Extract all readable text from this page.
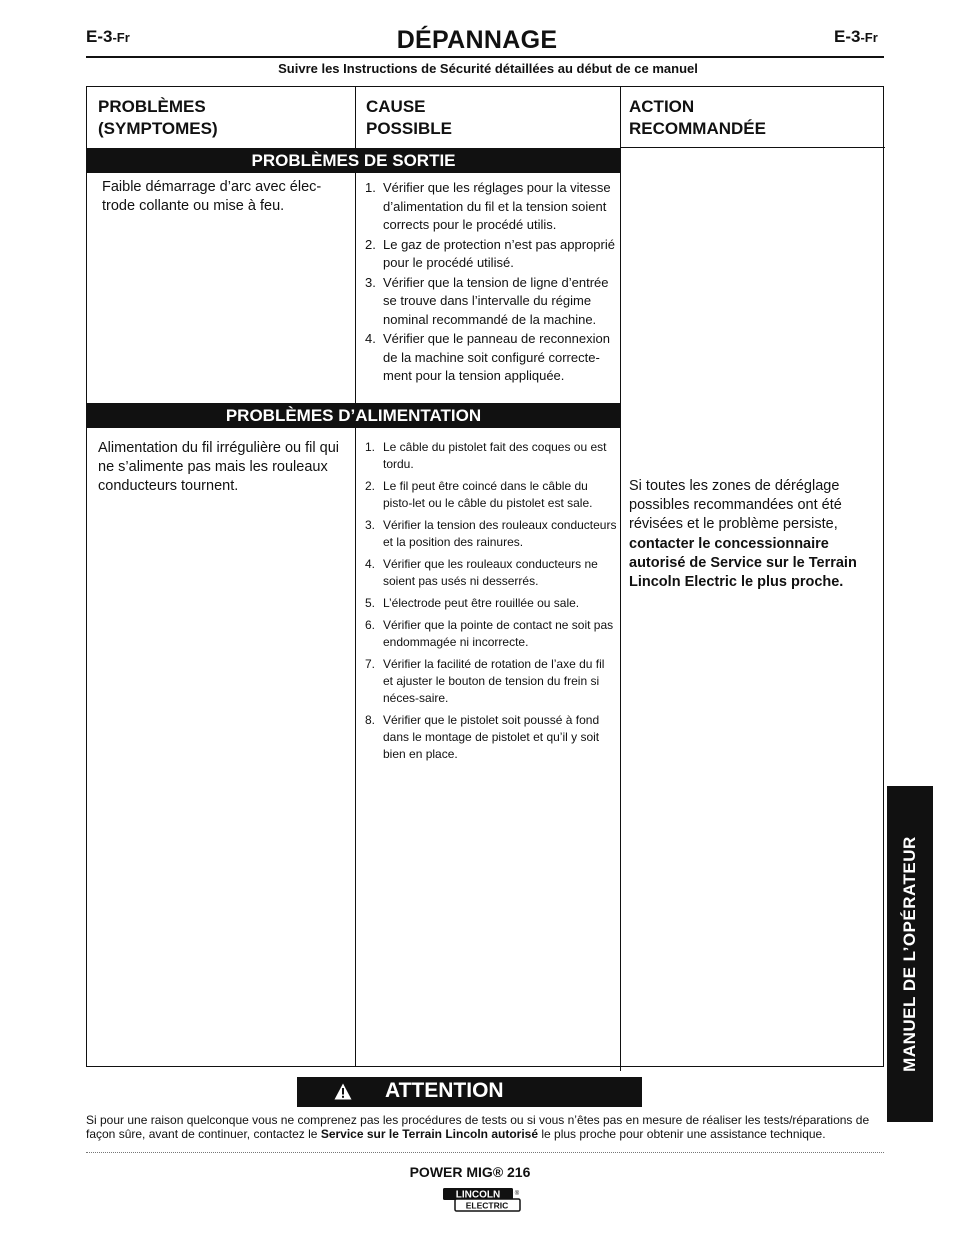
E-3-Fr	E-3-Fr
DÉPANNAGE
Suivre les Instructions de Sécurité détaillées au début de ce manuel
PROBLÈMES
(SYMPTOMES)
CAUSE
POSSIBLE
ACTION
RECOMMANDÉE
PROBLÈMES DE SORTIE
Faible démarrage d’arc avec élec-trode collante ou mise à feu.
1. Vérifier que les réglages pour la vitesse d’alimentation du fil et la tension soient corrects pour le procédé utilis.
2. Le gaz de protection n’est pas approprié pour le procédé utilisé.
3. Vérifier que la tension de ligne d’entrée se trouve dans l’intervalle du régime nominal recommandé de la machine.
4. Vérifier que le panneau de reconnexion de la machine soit configuré correcte-ment pour la tension appliquée.
PROBLÈMES D’ALIMENTATION
Alimentation du fil irrégulière ou fil qui ne s’alimente pas mais les rouleaux conducteurs tournent.
1. Le câble du pistolet fait des coques ou est tordu.
2. Le fil peut être coincé dans le câble du pisto-let ou le câble du pistolet est sale.
3. Vérifier la tension des rouleaux conducteurs et la position des rainures.
4. Vérifier que les rouleaux conducteurs ne soient pas usés ni desserrés.
5. L’électrode peut être rouillée ou sale.
6. Vérifier que la pointe de contact ne soit pas endommagée ni incorrecte.
7. Vérifier la facilité de rotation de l’axe du fil et ajuster le bouton de tension du frein si néces-saire.
8. Vérifier que le pistolet soit poussé à fond dans le montage de pistolet et qu’il y soit bien en place.
Si toutes les zones de déréglage possibles recommandées ont été révisées et le problème persiste, contacter le concessionnaire autorisé de Service sur le Terrain Lincoln Electric le plus proche.
ATTENTION
Si pour une raison quelconque vous ne comprenez pas les procédures de tests ou si vous n’êtes pas en mesure de réaliser les tests/réparations de façon sûre, avant de continuer, contactez le Service sur le Terrain Lincoln autorisé le plus proche pour obtenir une assistance technique.
POWER MIG® 216
LINCOLN ®
ELECTRIC
MANUEL DE L’OPÉRATEUR
